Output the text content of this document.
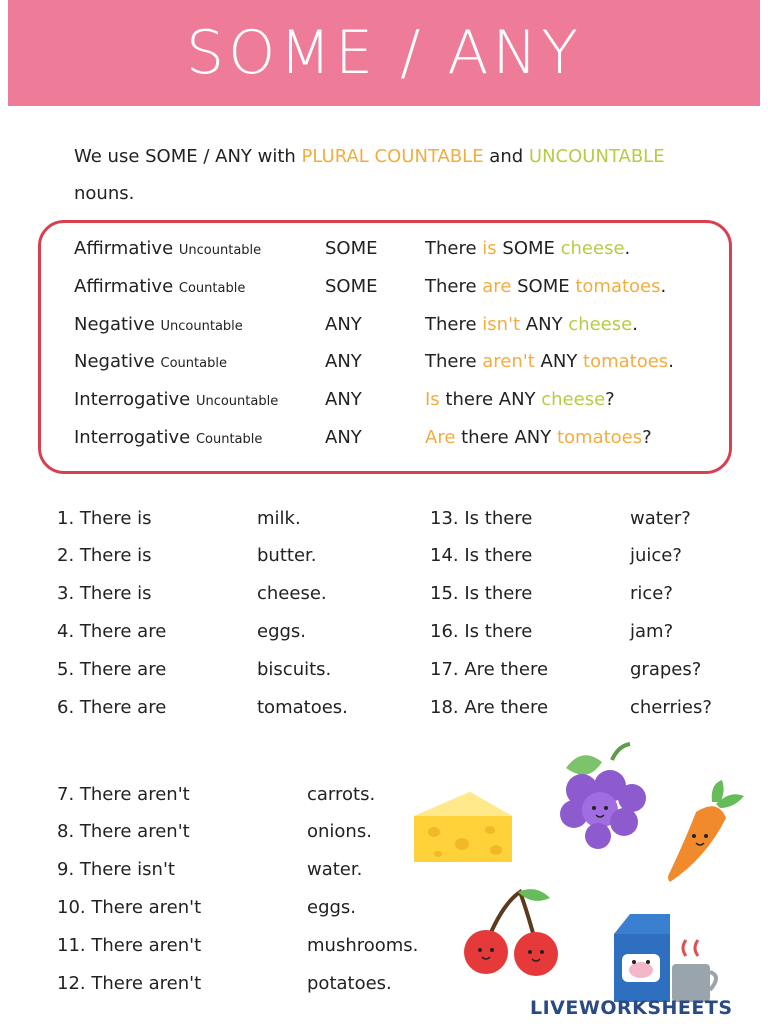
SOME / ANY
We use SOME / ANY with PLURAL COUNTABLE and UNCOUNTABLE
nouns.
Affirmative Uncountable	SOME	There is SOME cheese.
Affirmative Countable	SOME	There are SOME tomatoes.
Negative Uncountable	ANY	There isn't ANY cheese.
Negative Countable	ANY	There aren't ANY tomatoes.
Interrogative Uncountable	ANY	Is there ANY cheese?
Interrogative Countable	ANY	Are there ANY tomatoes?
1. There is	milk.
2. There is	butter.
3. There is	cheese.
4. There are	eggs.
5. There are	biscuits.
6. There are	tomatoes.
13. Is there	water?
14. Is there	juice?
15. Is there	rice?
16. Is there	jam?
17. Are there	grapes?
18. Are there	cherries?
7. There aren't	carrots.
8. There aren't	onions.
9. There isn't	water.
10. There aren't	eggs.
11. There aren't	mushrooms.
12. There aren't	potatoes.
LIVEWORKSHEETS
